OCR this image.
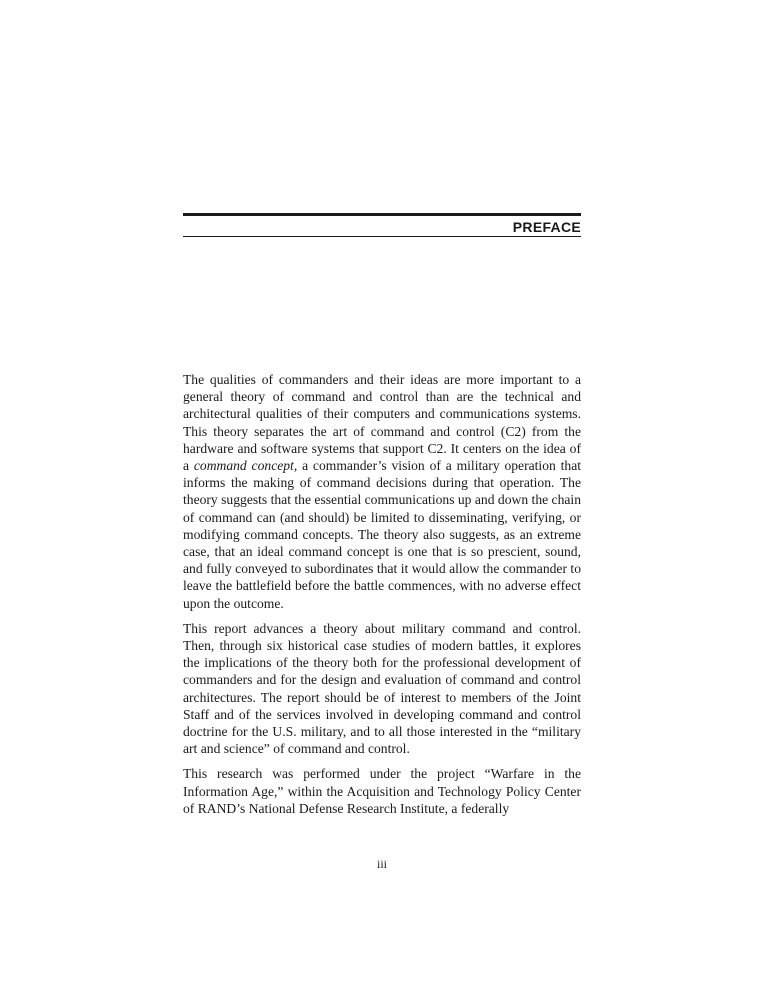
PREFACE

The qualities of commanders and their ideas are more important to a general theory of command and control than are the technical and architectural qualities of their computers and communications systems. This theory separates the art of command and control (C2) from the hardware and software systems that support C2. It centers on the idea of a command concept, a commander’s vision of a military operation that informs the making of command decisions during that operation. The theory suggests that the essential communications up and down the chain of command can (and should) be limited to disseminating, verifying, or modifying command concepts. The theory also suggests, as an extreme case, that an ideal command concept is one that is so prescient, sound, and fully conveyed to subordinates that it would allow the commander to leave the battlefield before the battle commences, with no adverse effect upon the outcome.

This report advances a theory about military command and control. Then, through six historical case studies of modern battles, it explores the implications of the theory both for the professional development of commanders and for the design and evaluation of command and control architectures. The report should be of interest to members of the Joint Staff and of the services involved in developing command and control doctrine for the U.S. military, and to all those interested in the “military art and science” of command and control.

This research was performed under the project “Warfare in the Information Age,” within the Acquisition and Technology Policy Center of RAND’s National Defense Research Institute, a federally

iii
